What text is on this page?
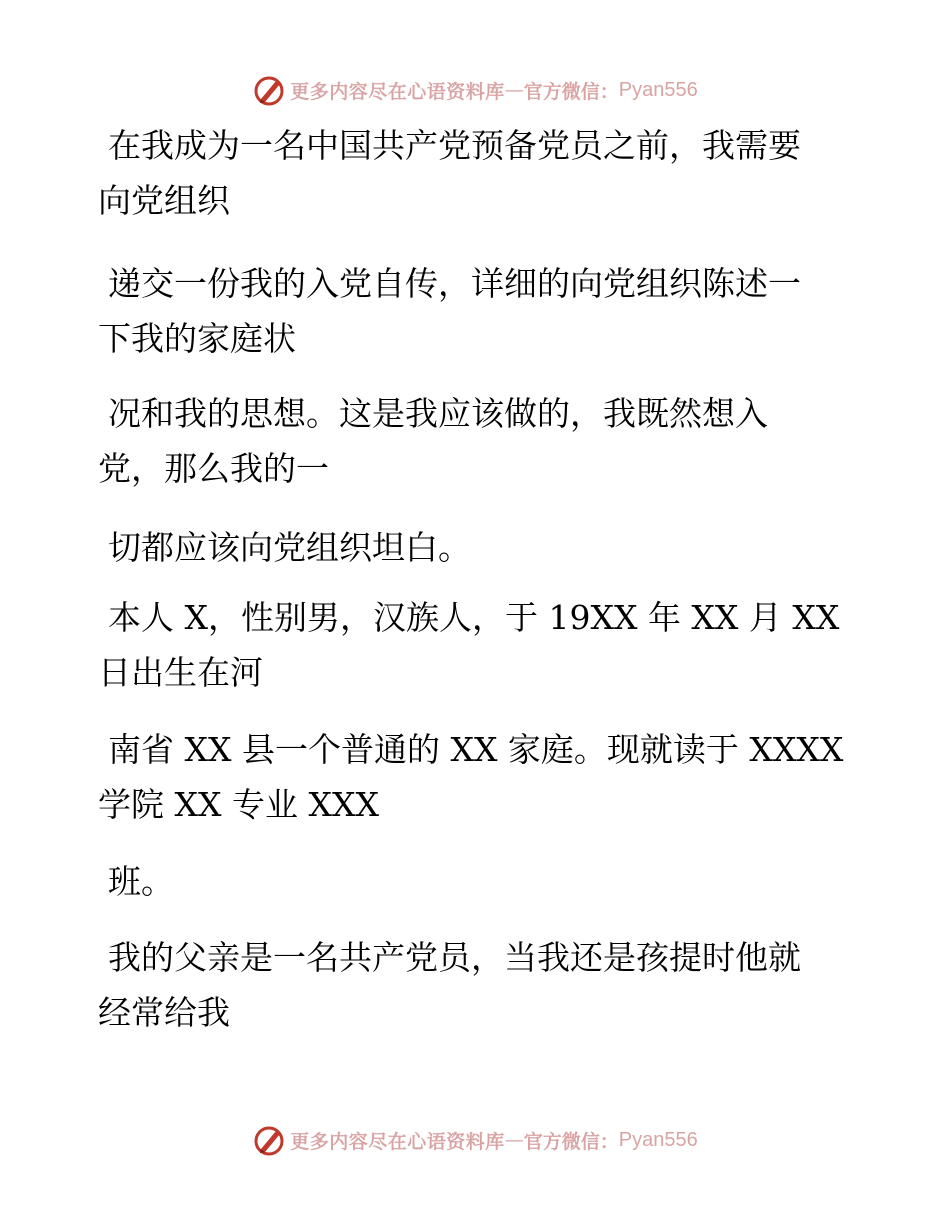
更多内容尽在心语资料库 — 官方微信： Pyan556
在我成为一名中国共产党预备党员之前，我需要
向党组织
递交一份我的入党自传，详细的向党组织陈述一
下我的家庭状
况和我的思想。这是我应该做的，我既然想入
党，那么我的一
切都应该向党组织坦白。
本人 X，性别男，汉族人，于 19XX 年 XX 月 XX
日出生在河
南省 XX 县一个普通的 XX 家庭。现就读于 XXXX
学院 XX 专业 XXX
班。
我的父亲是一名共产党员，当我还是孩提时他就
经常给我
更多内容尽在心语资料库 — 官方微信： Pyan556
